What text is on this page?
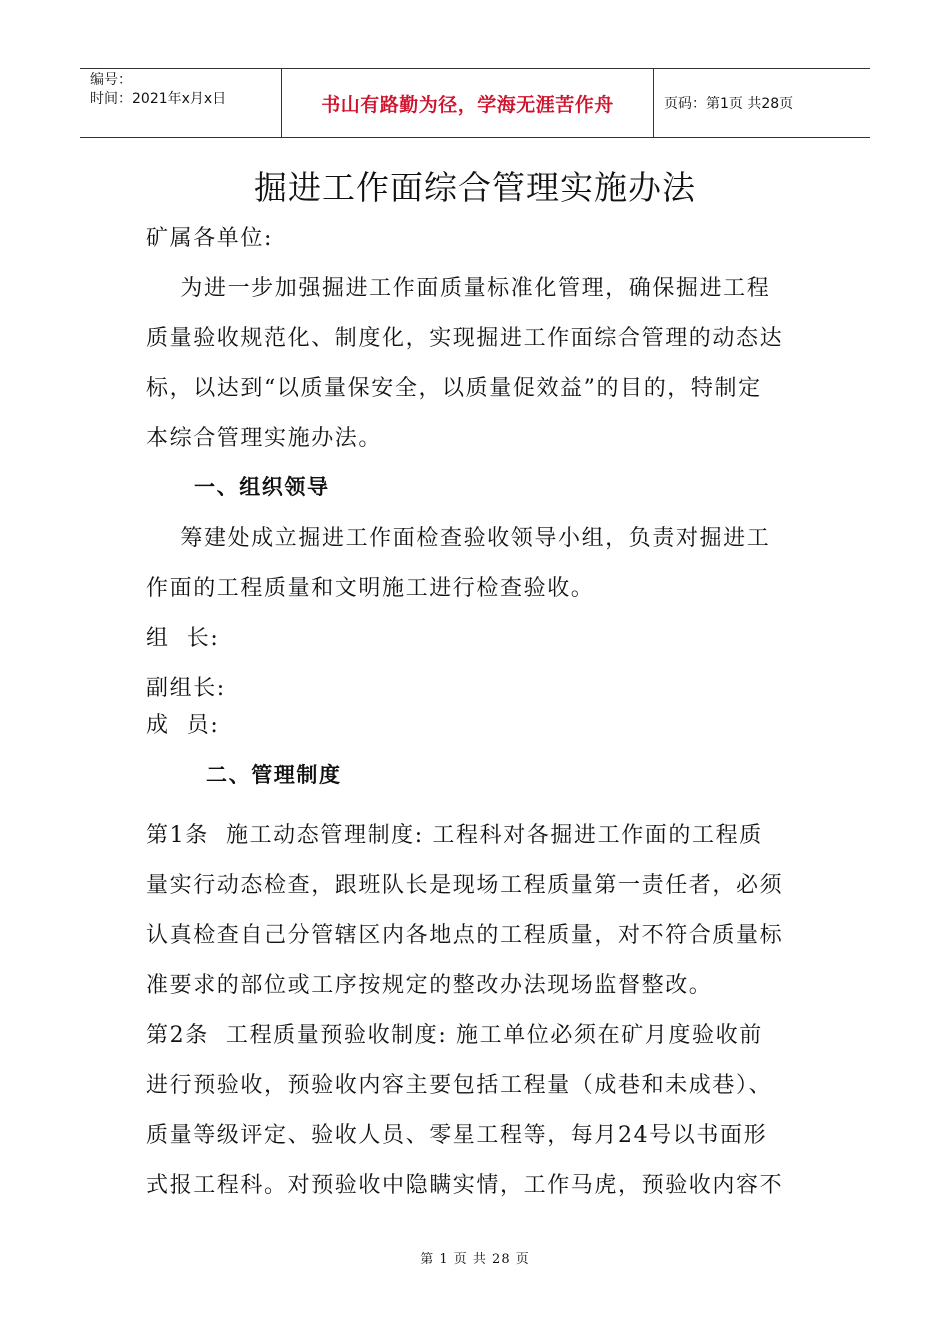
编号：
时间：2021年x月x日	书山有路勤为径，学海无涯苦作舟	页码：第1页 共28页
掘进工作面综合管理实施办法
矿属各单位:
为进一步加强掘进工作面质量标准化管理，确保掘进工程
质量验收规范化、制度化，实现掘进工作面综合管理的动态达
标，以达到“以质量保安全，以质量促效益”的目的，特制定
本综合管理实施办法。
一、组织领导
筹建处成立掘进工作面检查验收领导小组，负责对掘进工
作面的工程质量和文明施工进行检查验收。
组  长:
副组长:
成  员:
二、管理制度
第1条  施工动态管理制度: 工程科对各掘进工作面的工程质
量实行动态检查，跟班队长是现场工程质量第一责任者，必须
认真检查自己分管辖区内各地点的工程质量，对不符合质量标
准要求的部位或工序按规定的整改办法现场监督整改。
第2条  工程质量预验收制度: 施工单位必须在矿月度验收前
进行预验收，预验收内容主要包括工程量（成巷和未成巷）、
质量等级评定、验收人员、零星工程等，每月24号以书面形
式报工程科。对预验收中隐瞒实情，工作马虎，预验收内容不
第 1 页 共 28 页
